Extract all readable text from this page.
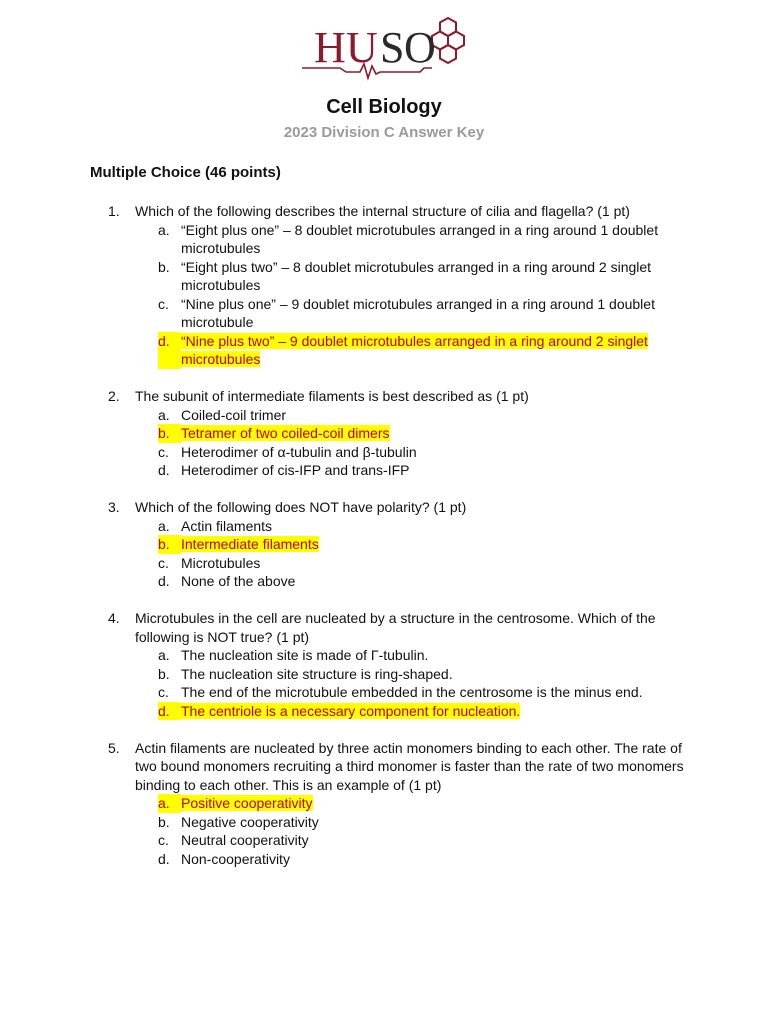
H U S O
Cell Biology
2023 Division C Answer Key
Multiple Choice (46 points)
1.	Which of the following describes the internal structure of cilia and flagella? (1 pt)
a. “Eight plus one” – 8 doublet microtubules arranged in a ring around 1 doublet microtubules
b. “Eight plus two” – 8 doublet microtubules arranged in a ring around 2 singlet microtubules
c. “Nine plus one” – 9 doublet microtubules arranged in a ring around 1 doublet microtubule
d. “Nine plus two” – 9 doublet microtubules arranged in a ring around 2 singlet microtubules
2.	The subunit of intermediate filaments is best described as (1 pt)
a. Coiled-coil trimer
b. Tetramer of two coiled-coil dimers
c. Heterodimer of α-tubulin and β-tubulin
d. Heterodimer of cis-IFP and trans-IFP
3.	Which of the following does NOT have polarity? (1 pt)
a. Actin filaments
b. Intermediate filaments
c. Microtubules
d. None of the above
4.	Microtubules in the cell are nucleated by a structure in the centrosome. Which of the following is NOT true? (1 pt)
a. The nucleation site is made of Γ-tubulin.
b. The nucleation site structure is ring-shaped.
c. The end of the microtubule embedded in the centrosome is the minus end.
d. The centriole is a necessary component for nucleation.
5.	Actin filaments are nucleated by three actin monomers binding to each other. The rate of two bound monomers recruiting a third monomer is faster than the rate of two monomers binding to each other. This is an example of (1 pt)
a. Positive cooperativity
b. Negative cooperativity
c. Neutral cooperativity
d. Non-cooperativity
